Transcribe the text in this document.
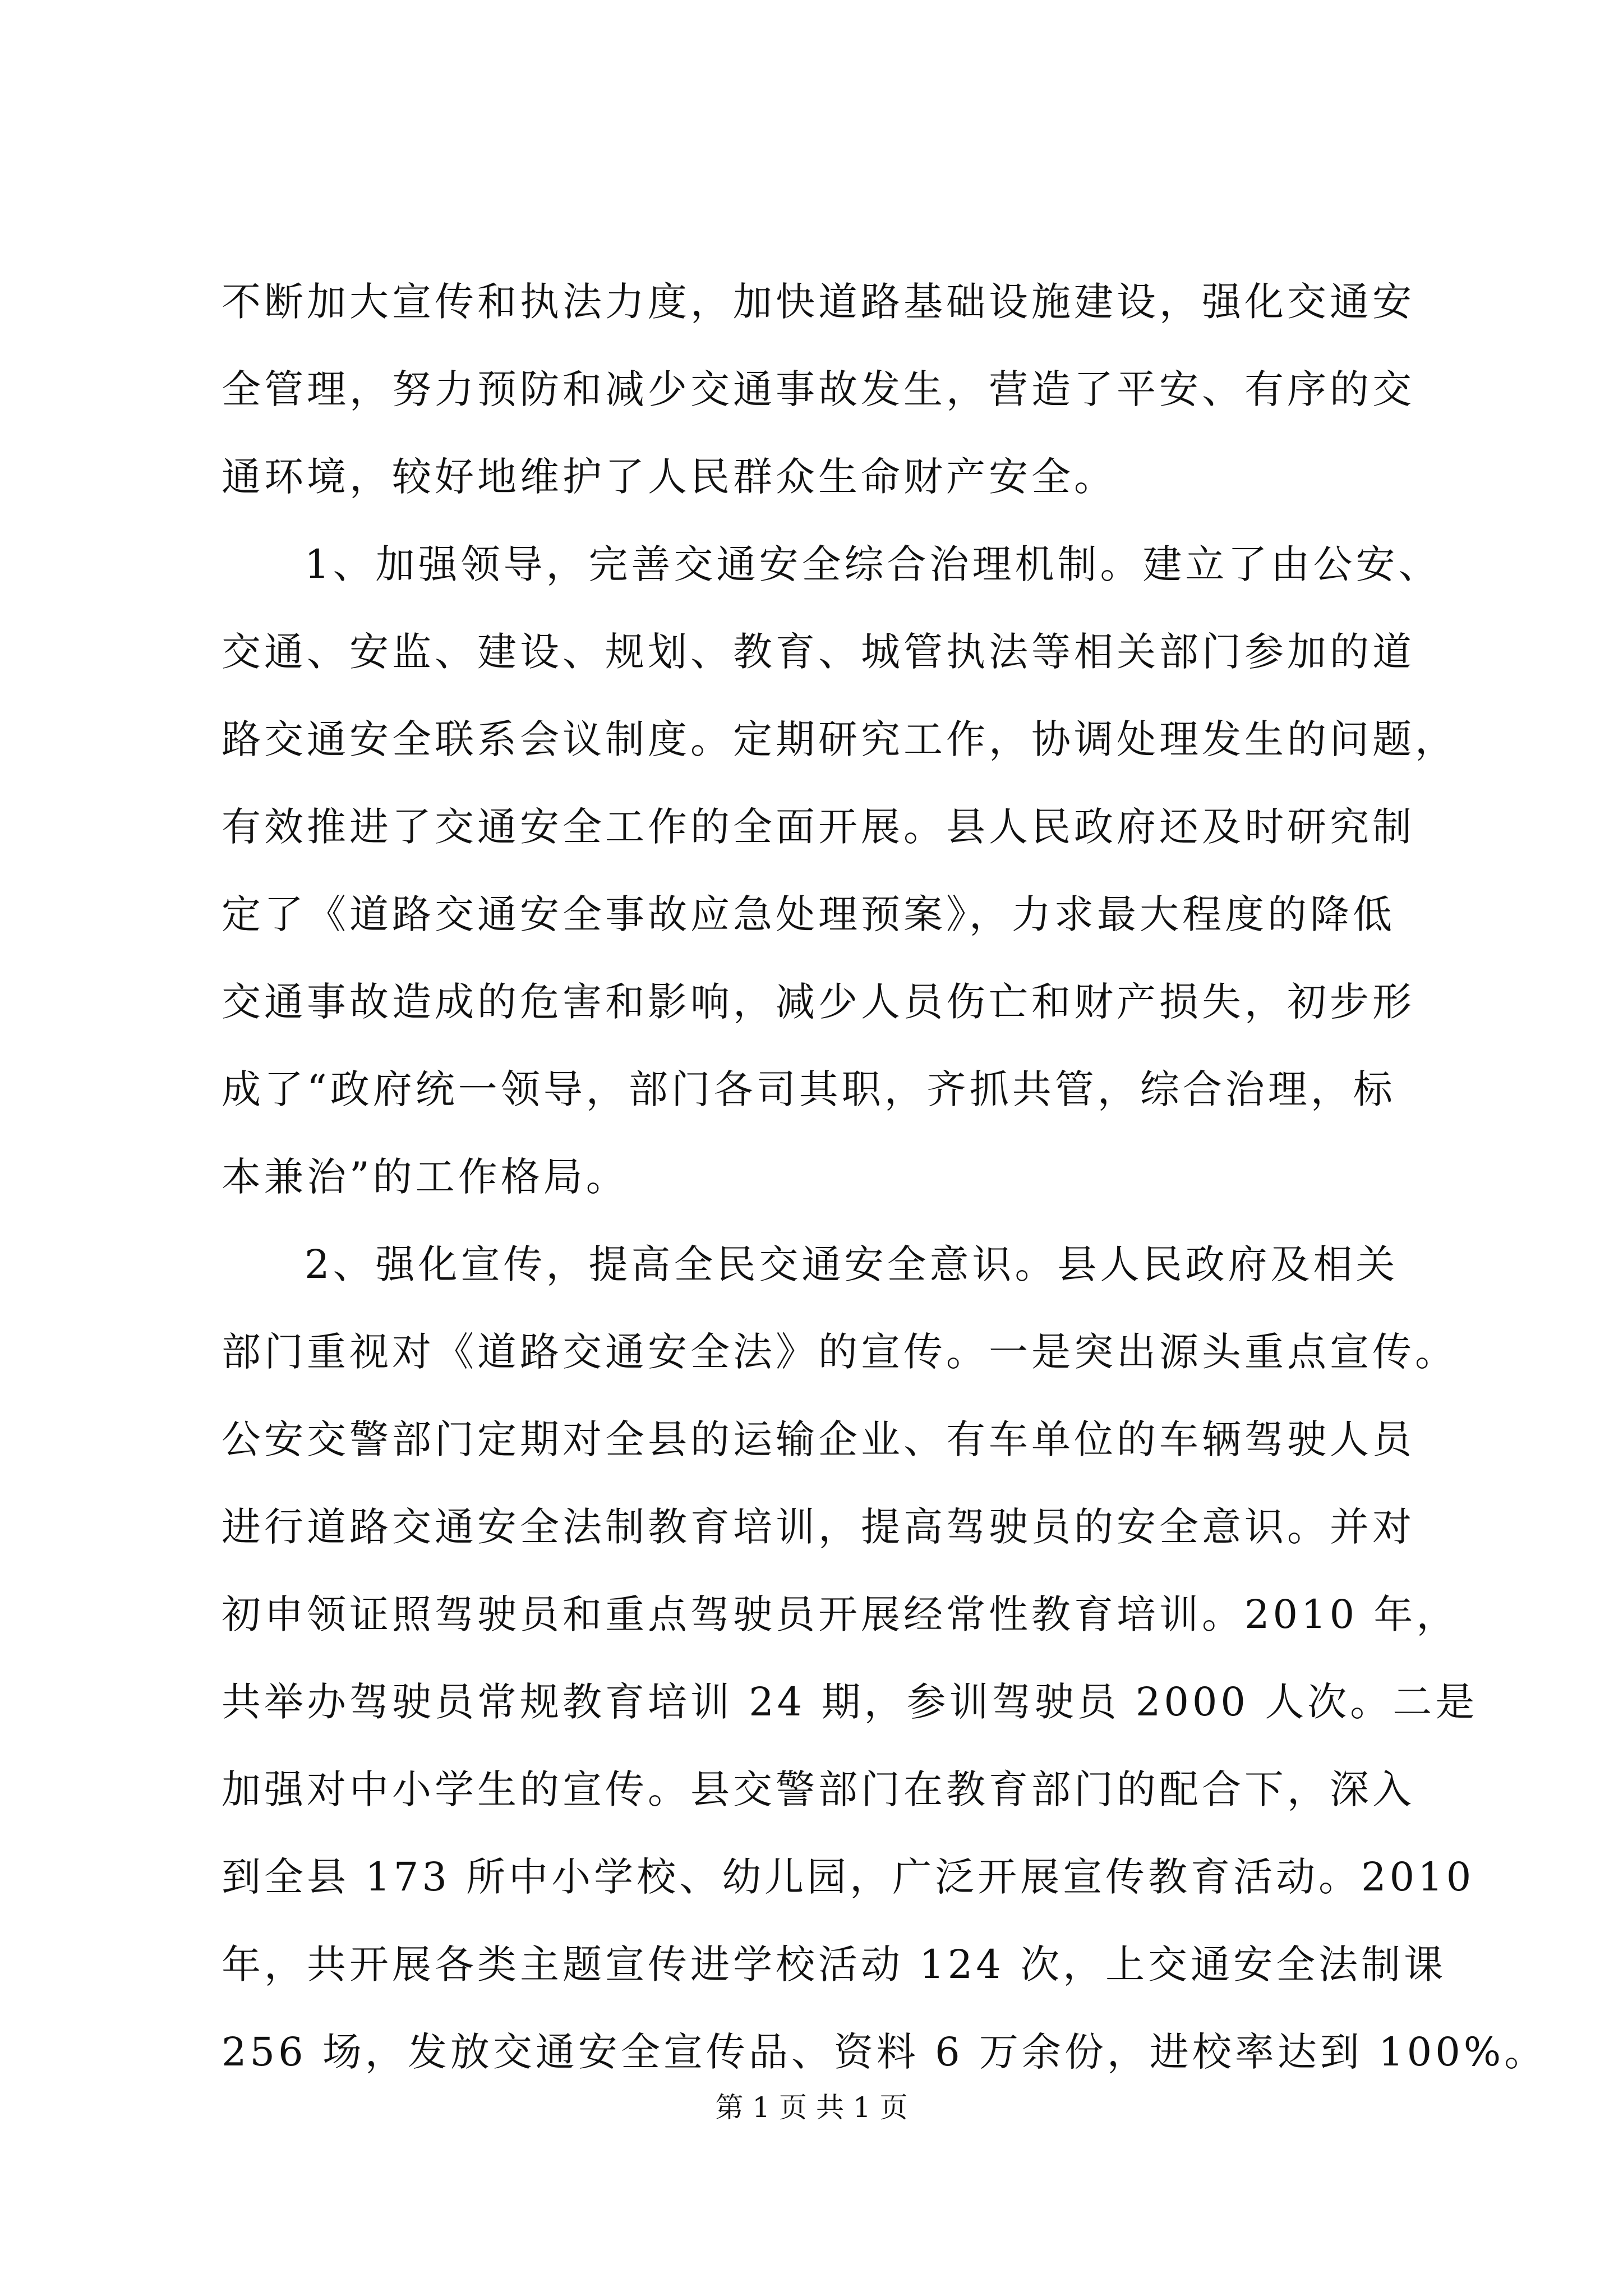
不断加大宣传和执法力度，加快道路基础设施建设，强化交通安
全管理，努力预防和减少交通事故发生，营造了平安、有序的交
通环境，较好地维护了人民群众生命财产安全。
1、加强领导，完善交通安全综合治理机制。建立了由公安、
交通、安监、建设、规划、教育、城管执法等相关部门参加的道
路交通安全联系会议制度。定期研究工作，协调处理发生的问题，
有效推进了交通安全工作的全面开展。县人民政府还及时研究制
定了《道路交通安全事故应急处理预案》，力求最大程度的降低
交通事故造成的危害和影响，减少人员伤亡和财产损失，初步形
成了“政府统一领导，部门各司其职，齐抓共管，综合治理，标
本兼治”的工作格局。
2、强化宣传，提高全民交通安全意识。县人民政府及相关
部门重视对《道路交通安全法》的宣传。一是突出源头重点宣传。
公安交警部门定期对全县的运输企业、有车单位的车辆驾驶人员
进行道路交通安全法制教育培训，提高驾驶员的安全意识。并对
初申领证照驾驶员和重点驾驶员开展经常性教育培训。2010 年，
共举办驾驶员常规教育培训 24 期，参训驾驶员 2000 人次。二是
加强对中小学生的宣传。县交警部门在教育部门的配合下，深入
到全县 173 所中小学校、幼儿园，广泛开展宣传教育活动。2010
年，共开展各类主题宣传进学校活动 124 次，上交通安全法制课
256 场，发放交通安全宣传品、资料 6 万余份，进校率达到 100%。
第 1 页 共 1 页
